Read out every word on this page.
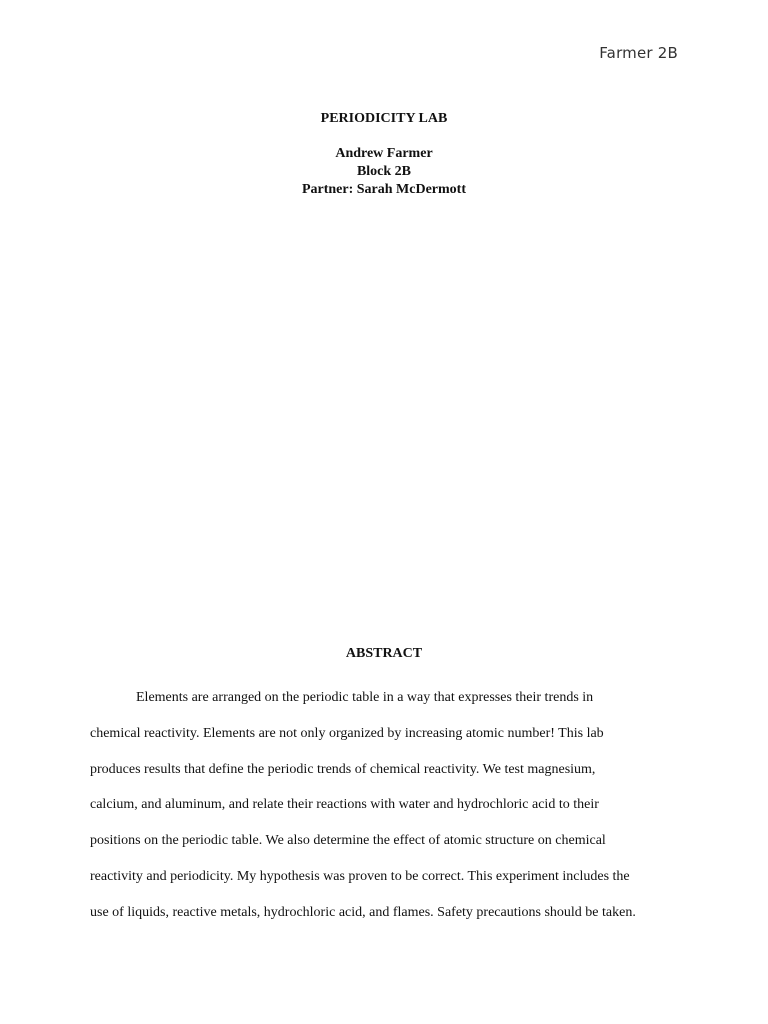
Farmer 2B

PERIODICITY LAB

Andrew Farmer

Block 2B

Partner: Sarah McDermott

ABSTRACT

Elements are arranged on the periodic table in a way that expresses their trends in
chemical reactivity. Elements are not only organized by increasing atomic number! This lab
produces results that define the periodic trends of chemical reactivity. We test magnesium,
calcium, and aluminum, and relate their reactions with water and hydrochloric acid to their
positions on the periodic table. We also determine the effect of atomic structure on chemical
reactivity and periodicity. My hypothesis was proven to be correct. This experiment includes the
use of liquids, reactive metals, hydrochloric acid, and flames. Safety precautions should be taken.
